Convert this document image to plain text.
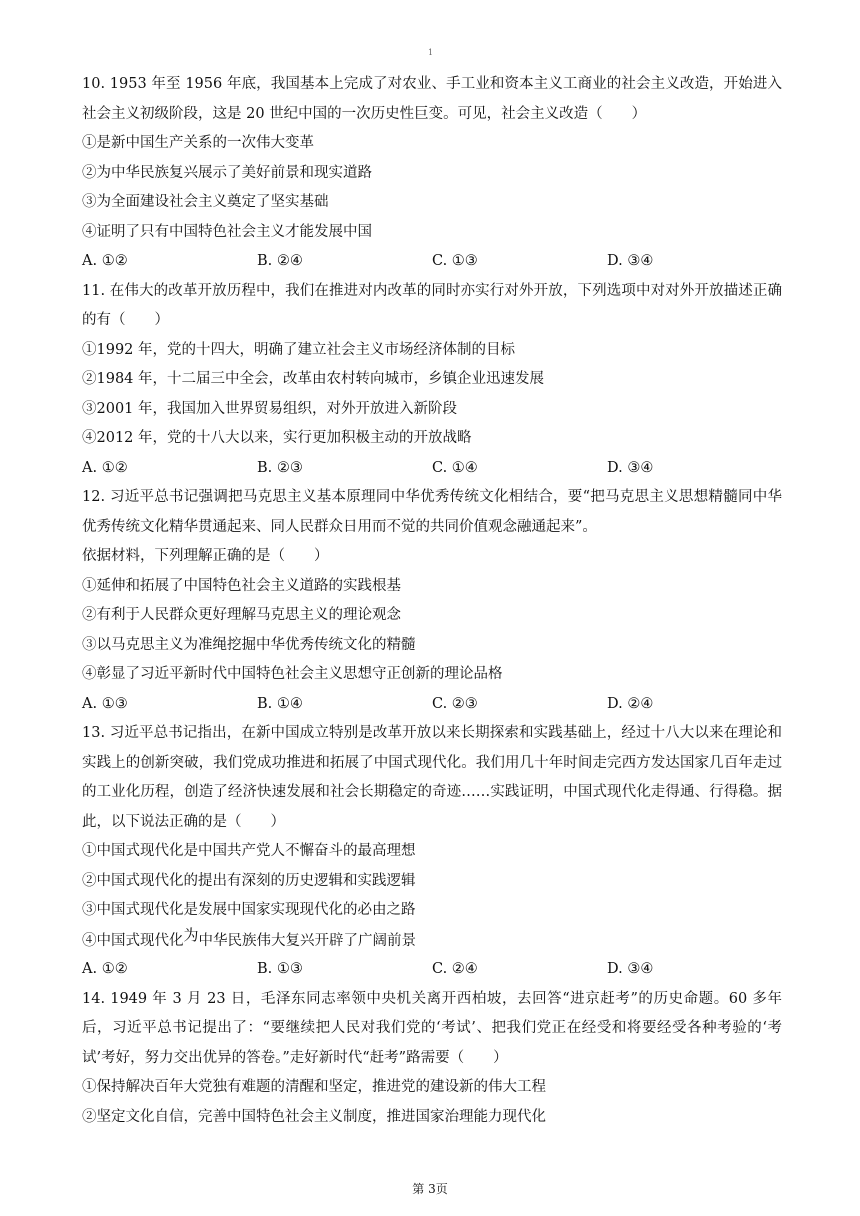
1
10. 1953 年至 1956 年底，我国基本上完成了对农业、手工业和资本主义工商业的社会主义改造，开始进入社会主义初级阶段，这是 20 世纪中国的一次历史性巨变。可见，社会主义改造（　　）
①是新中国生产关系的一次伟大变革
②为中华民族复兴展示了美好前景和现实道路
③为全面建设社会主义奠定了坚实基础
④证明了只有中国特色社会主义才能发展中国
A. ①②	B. ②④	C. ①③	D. ③④
11. 在伟大的改革开放历程中，我们在推进对内改革的同时亦实行对外开放，下列选项中对对外开放描述正确的有（　　）
①1992 年，党的十四大，明确了建立社会主义市场经济体制的目标
②1984 年，十二届三中全会，改革由农村转向城市，乡镇企业迅速发展
③2001 年，我国加入世界贸易组织，对外开放进入新阶段
④2012 年，党的十八大以来，实行更加积极主动的开放战略
A. ①②	B. ②③	C. ①④	D. ③④
12. 习近平总书记强调把马克思主义基本原理同中华优秀传统文化相结合，要“把马克思主义思想精髓同中华优秀传统文化精华贯通起来、同人民群众日用而不觉的共同价值观念融通起来”。
依据材料，下列理解正确的是（　　）
①延伸和拓展了中国特色社会主义道路的实践根基
②有利于人民群众更好理解马克思主义的理论观念
③以马克思主义为准绳挖掘中华优秀传统文化的精髓
④彰显了习近平新时代中国特色社会主义思想守正创新的理论品格
A. ①③	B. ①④	C. ②③	D. ②④
13. 习近平总书记指出，在新中国成立特别是改革开放以来长期探索和实践基础上，经过十八大以来在理论和实践上的创新突破，我们党成功推进和拓展了中国式现代化。我们用几十年时间走完西方发达国家几百年走过的工业化历程，创造了经济快速发展和社会长期稳定的奇迹……实践证明，中国式现代化走得通、行得稳。据此，以下说法正确的是（　　）
①中国式现代化是中国共产党人不懈奋斗的最高理想
②中国式现代化的提出有深刻的历史逻辑和实践逻辑
③中国式现代化是发展中国家实现现代化的必由之路
④中国式现代化为中华民族伟大复兴开辟了广阔前景
A. ①②	B. ①③	C. ②④	D. ③④
14. 1949 年 3 月 23 日，毛泽东同志率领中央机关离开西柏坡，去回答“进京赶考”的历史命题。60 多年后，习近平总书记提出了：“要继续把人民对我们党的‘考试’、把我们党正在经受和将要经受各种考验的‘考试’考好，努力交出优异的答卷。”走好新时代“赶考”路需要（　　）
①保持解决百年大党独有难题的清醒和坚定，推进党的建设新的伟大工程
②坚定文化自信，完善中国特色社会主义制度，推进国家治理能力现代化
第 3页
